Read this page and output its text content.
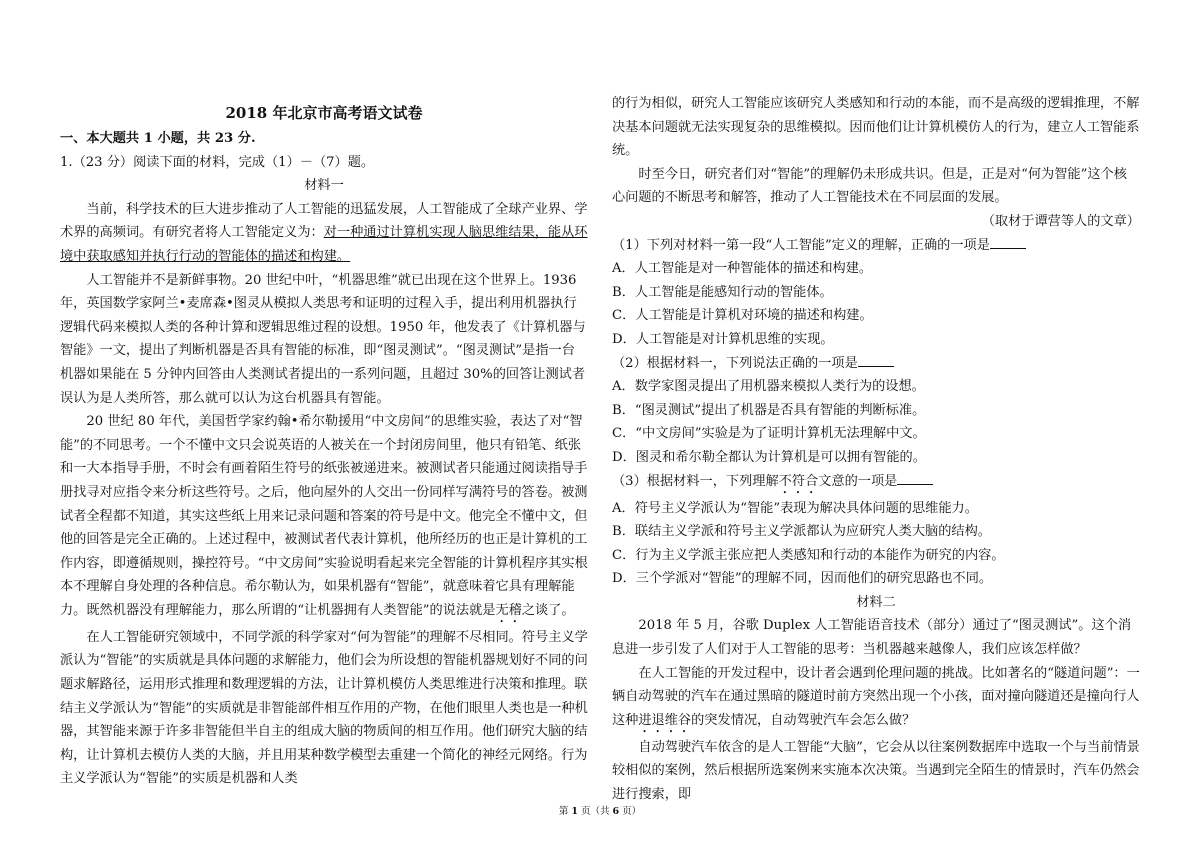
2018 年北京市高考语文试卷

一、本大题共 1 小题，共 23 分.

1.（23 分）阅读下面的材料，完成（1）－（7）题。

材料一

当前，科学技术的巨大进步推动了人工智能的迅猛发展，人工智能成了全球产业界、学术界的高频词。有研究者将人工智能定义为：对一种通过计算机实现人脑思维结果，能从环境中获取感知并执行行动的智能体的描述和构建。

人工智能并不是新鲜事物。20 世纪中叶，“机器思维”就已出现在这个世界上。1936 年，英国数学家阿兰•麦席森•图灵从模拟人类思考和证明的过程入手，提出利用机器执行逻辑代码来模拟人类的各种计算和逻辑思维过程的设想。1950 年，他发表了《计算机器与智能》一文，提出了判断机器是否具有智能的标准，即“图灵测试”。“图灵测试”是指一台机器如果能在 5 分钟内回答由人类测试者提出的一系列问题，且超过 30%的回答让测试者误认为是人类所答，那么就可以认为这台机器具有智能。

20 世纪 80 年代，美国哲学家约翰•希尔勒援用“中文房间”的思维实验，表达了对“智能”的不同思考。一个不懂中文只会说英语的人被关在一个封闭房间里，他只有铅笔、纸张和一大本指导手册，不时会有画着陌生符号的纸张被递进来。被测试者只能通过阅读指导手册找寻对应指令来分析这些符号。之后，他向屋外的人交出一份同样写满符号的答卷。被测试者全程都不知道，其实这些纸上用来记录问题和答案的符号是中文。他完全不懂中文，但他的回答是完全正确的。上述过程中，被测试者代表计算机，他所经历的也正是计算机的工作内容，即遵循规则，操控符号。“中文房间”实验说明看起来完全智能的计算机程序其实根本不理解自身处理的各种信息。希尔勒认为，如果机器有“智能”，就意味着它具有理解能力。既然机器没有理解能力，那么所谓的“让机器拥有人类智能”的说法就是无稽之谈了。

在人工智能研究领域中，不同学派的科学家对“何为智能”的理解不尽相同。符号主义学派认为“智能”的实质就是具体问题的求解能力，他们会为所设想的智能机器规划好不同的问题求解路径，运用形式推理和数理逻辑的方法，让计算机模仿人类思维进行决策和推理。联结主义学派认为“智能”的实质就是非智能部件相互作用的产物，在他们眼里人类也是一种机器，其智能来源于许多非智能但半自主的组成大脑的物质间的相互作用。他们研究大脑的结构，让计算机去模仿人类的大脑，并且用某种数学模型去重建一个简化的神经元网络。行为主义学派认为“智能”的实质是机器和人类

的行为相似，研究人工智能应该研究人类感知和行动的本能，而不是高级的逻辑推理，不解决基本问题就无法实现复杂的思维模拟。因而他们让计算机模仿人的行为，建立人工智能系统。

时至今日，研究者们对“智能”的理解仍未形成共识。但是，正是对“何为智能”这个核心问题的不断思考和解答，推动了人工智能技术在不同层面的发展。

（取材于谭营等人的文章）

（1）下列对材料一第一段“人工智能”定义的理解，正确的一项是

A．人工智能是对一种智能体的描述和构建。

B．人工智能是能感知行动的智能体。

C．人工智能是计算机对环境的描述和构建。

D．人工智能是对计算机思维的实现。

（2）根据材料一，下列说法正确的一项是

A．数学家图灵提出了用机器来模拟人类行为的设想。

B．“图灵测试”提出了机器是否具有智能的判断标准。

C．“中文房间”实验是为了证明计算机无法理解中文。

D．图灵和希尔勒全都认为计算机是可以拥有智能的。

（3）根据材料一，下列理解不符合文意的一项是

A．符号主义学派认为“智能”表现为解决具体问题的思维能力。

B．联结主义学派和符号主义学派都认为应研究人类大脑的结构。

C．行为主义学派主张应把人类感知和行动的本能作为研究的内容。

D．三个学派对“智能”的理解不同，因而他们的研究思路也不同。

材料二

2018 年 5 月，谷歌 Duplex 人工智能语音技术（部分）通过了“图灵测试”。这个消息进一步引发了人们对于人工智能的思考：当机器越来越像人，我们应该怎样做？

在人工智能的开发过程中，设计者会遇到伦理问题的挑战。比如著名的“隧道问题”：一辆自动驾驶的汽车在通过黑暗的隧道时前方突然出现一个小孩，面对撞向隧道还是撞向行人这种进退维谷的突发情况，自动驾驶汽车会怎么做？

自动驾驶汽车依含的是人工智能“大脑”，它会从以往案例数据库中选取一个与当前情景较相似的案例，然后根据所选案例来实施本次决策。当遇到完全陌生的情景时，汽车仍然会进行搜索，即

第 1 页（共 6 页）
